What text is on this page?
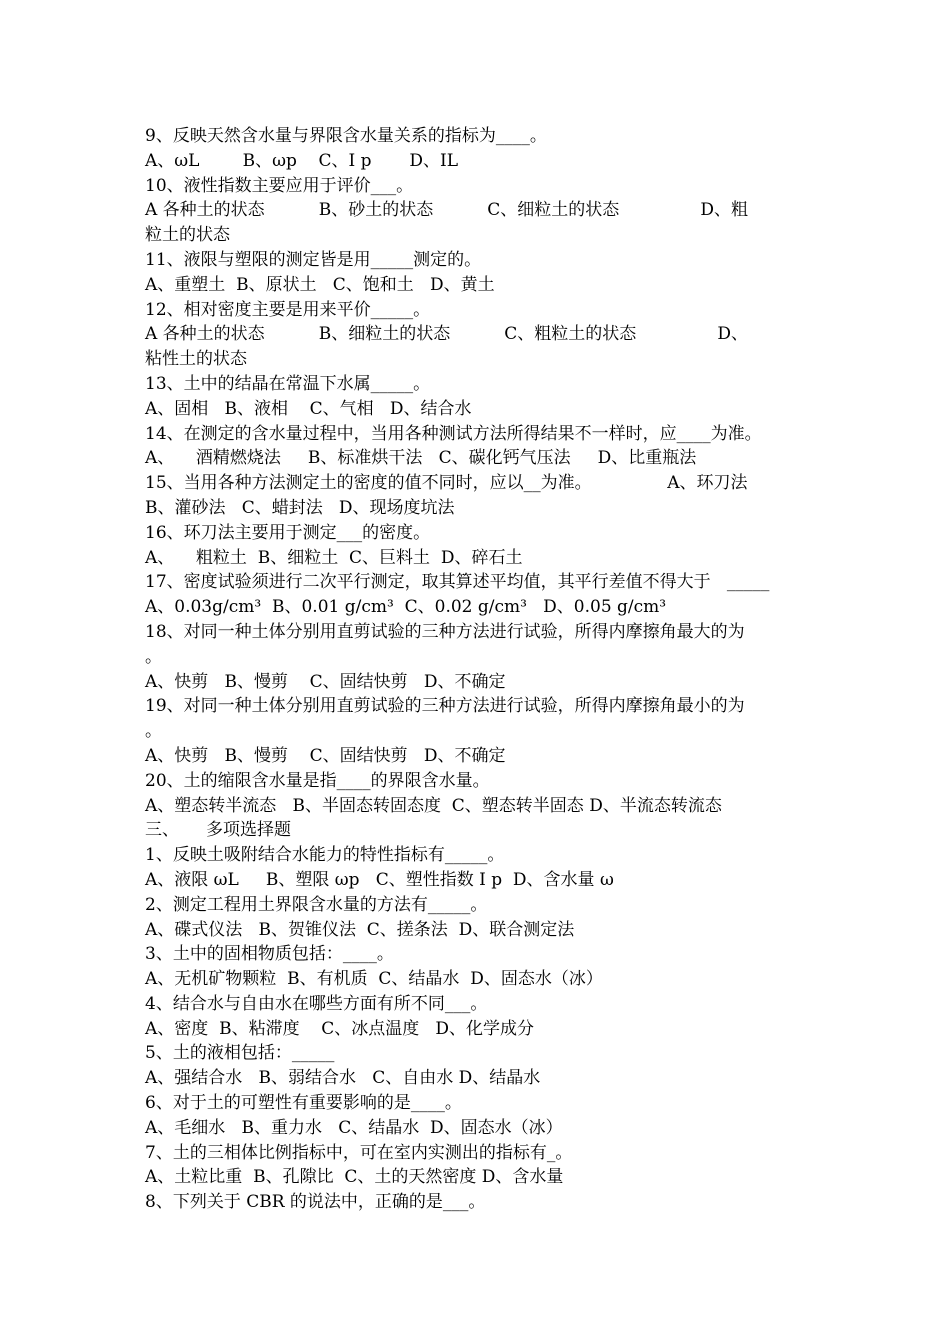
9、反映天然含水量与界限含水量关系的指标为____。
A、ωL        B、ωp    C、I p       D、IL
10、液性指数主要应用于评价___。
A 各种土的状态          B、砂土的状态          C、细粒土的状态               D、粗
粒土的状态
11、液限与塑限的测定皆是用_____测定的。
A、重塑土  B、原状土   C、饱和土   D、黄土
12、相对密度主要是用来平价_____。
A 各种土的状态          B、细粒土的状态          C、粗粒土的状态               D、
粘性土的状态
13、土中的结晶在常温下水属_____。
A、固相   B、液相    C、气相   D、结合水
14、在测定的含水量过程中，当用各种测试方法所得结果不一样时，应____为准。
A、    酒精燃烧法     B、标准烘干法   C、碳化钙气压法     D、比重瓶法
15、当用各种方法测定土的密度的值不同时，应以__为准。              A、环刀法
B、灌砂法   C、蜡封法   D、现场度坑法
16、环刀法主要用于测定___的密度。
A、    粗粒土  B、细粒土  C、巨料土  D、碎石土
17、密度试验须进行二次平行测定，取其算述平均值，其平行差值不得大于   _____
A、0.03g/cm³  B、0.01 g/cm³  C、0.02 g/cm³   D、0.05 g/cm³
18、对同一种土体分别用直剪试验的三种方法进行试验，所得内摩擦角最大的为
。
A、快剪   B、慢剪    C、固结快剪   D、不确定
19、对同一种土体分别用直剪试验的三种方法进行试验，所得内摩擦角最小的为
。
A、快剪   B、慢剪    C、固结快剪   D、不确定
20、土的缩限含水量是指____的界限含水量。
A、塑态转半流态   B、半固态转固态度  C、塑态转半固态 D、半流态转流态
三、     多项选择题
1、反映土吸附结合水能力的特性指标有_____。
A、液限 ωL     B、塑限 ωp   C、塑性指数 I p  D、含水量 ω
2、测定工程用土界限含水量的方法有_____。
A、碟式仪法   B、贺锥仪法  C、搓条法  D、联合测定法
3、土中的固相物质包括：____。
A、无机矿物颗粒  B、有机质  C、结晶水  D、固态水（冰）
4、结合水与自由水在哪些方面有所不同___。
A、密度  B、粘滞度    C、冰点温度   D、化学成分
5、土的液相包括：_____
A、强结合水   B、弱结合水   C、自由水 D、结晶水
6、对于土的可塑性有重要影响的是____。
A、毛细水   B、重力水   C、结晶水  D、固态水（冰）
7、土的三相体比例指标中，可在室内实测出的指标有_。
A、土粒比重  B、孔隙比  C、土的天然密度 D、含水量
8、下列关于 CBR 的说法中，正确的是___。
